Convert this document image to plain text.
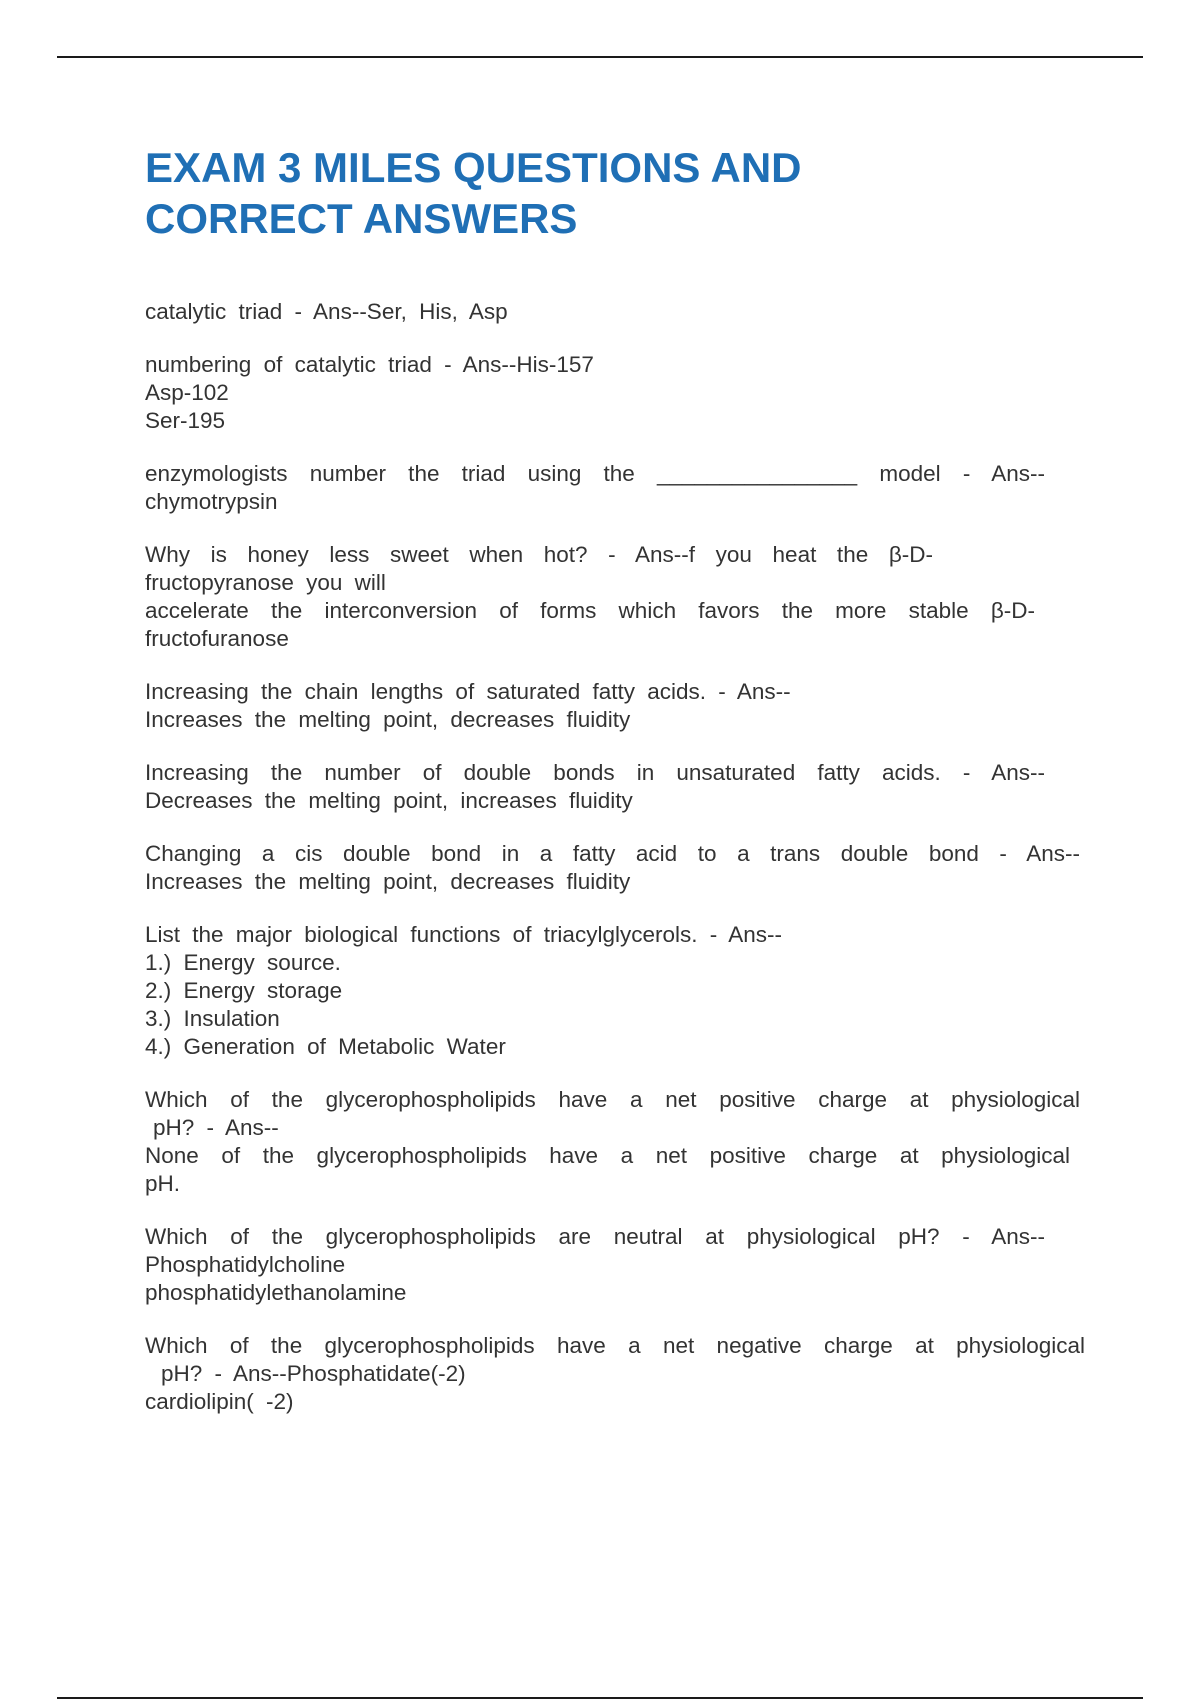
EXAM 3 MILES QUESTIONS AND
CORRECT ANSWERS
catalytic triad - Ans--Ser, His, Asp
numbering of catalytic triad - Ans--His-157
Asp-102
Ser-195
enzymologists number the triad using the ________________ model - Ans--
chymotrypsin
Why is honey less sweet when hot? - Ans--f you heat the β-D-
fructopyranose you will
accelerate the interconversion of forms which favors the more stable β-D-
fructofuranose
Increasing the chain lengths of saturated fatty acids. - Ans--
Increases the melting point, decreases fluidity
Increasing the number of double bonds in unsaturated fatty acids. - Ans--
Decreases the melting point, increases fluidity
Changing a cis double bond in a fatty acid to a trans double bond - Ans--
Increases the melting point, decreases fluidity
List the major biological functions of triacylglycerols. - Ans--
1.) Energy source.
2.) Energy storage
3.) Insulation
4.) Generation of Metabolic Water
Which of the glycerophospholipids have a net positive charge at physiological
pH? - Ans--
None of the glycerophospholipids have a net positive charge at physiological
pH.
Which of the glycerophospholipids are neutral at physiological pH? - Ans--
Phosphatidylcholine
phosphatidylethanolamine
Which of the glycerophospholipids have a net negative charge at physiological
pH? - Ans--Phosphatidate(-2)
cardiolipin( -2)
